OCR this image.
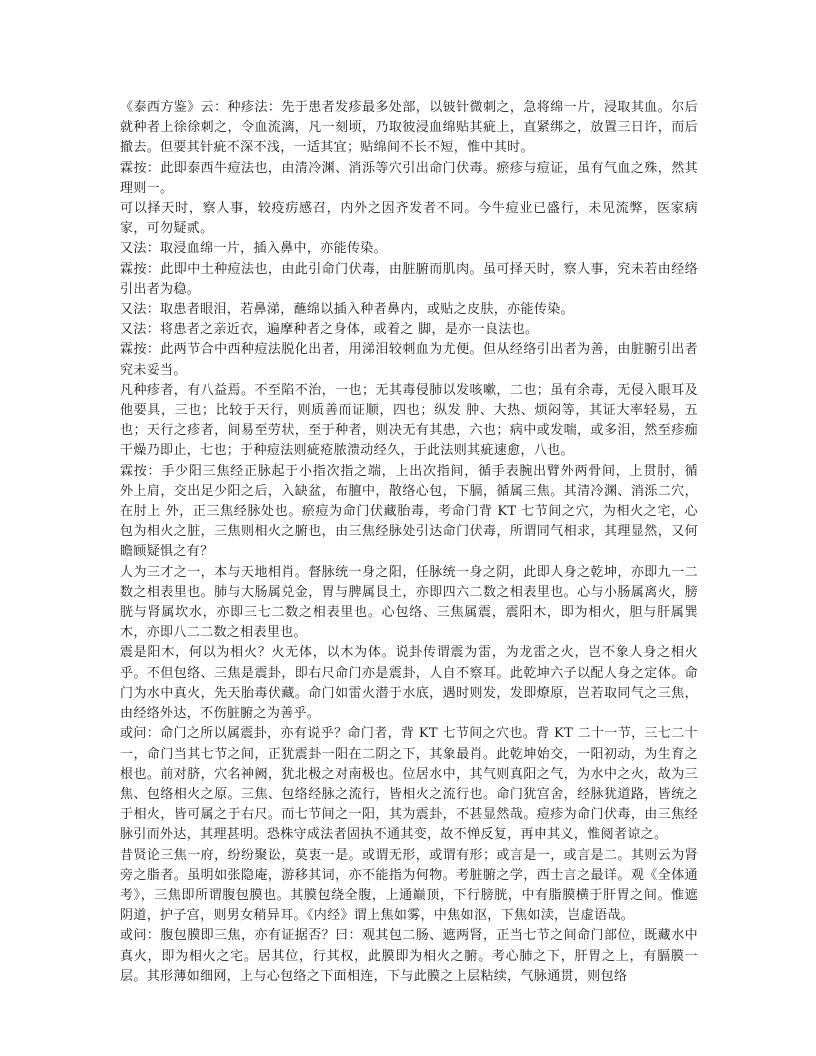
《泰西方鉴》云：种疹法：先于患者发疹最多处部，以铍针微刺之，急将绵一片，浸取其血。尔后就种者上徐徐刺之，令血流漓，凡一刻顷，乃取彼浸血绵贴其疵上，直紧绑之，放置三日许，而后撤去。但要其针疵不深不浅，一适其宜；贴绵间不长不短，惟中其时。

霖按：此即泰西牛痘法也，由清冷渊、消泺等穴引出命门伏毒。瘀疹与痘证，虽有气血之殊，然其理则一。

可以择天时，察人事，较疫疠感召，内外之因齐发者不同。今牛痘业已盛行，未见流弊，医家病家，可勿疑贰。

又法：取浸血绵一片，插入鼻中，亦能传染。

霖按：此即中土种痘法也，由此引命门伏毒，由脏腑而肌肉。虽可择天时，察人事，究未若由经络引出者为稳。

又法：取患者眼泪，若鼻涕，蘸绵以插入种者鼻内，或贴之皮肤，亦能传染。

又法：将患者之亲近衣，遍摩种者之身体，或着之 脚，是亦一良法也。

霖按：此两节合中西种痘法脱化出者，用涕泪较刺血为尤便。但从经络引出者为善，由脏腑引出者究未妥当。

凡种疹者，有八益焉。不至陷不治，一也；无其毒侵肺以发咳嗽，二也；虽有余毒，无侵入眼耳及他要具，三也；比较于天行，则质善而证顺，四也；纵发 肿、大热、烦闷等，其证大率轻易，五也；天行之疹者，间易至劳状，至于种者，则决无有其患，六也；病中或发喘，或多泪，然至疹痂干燥乃即止，七也；于种痘法则疵疮脓溃动经久，于此法则其疵速愈，八也。

霖按：手少阳三焦经正脉起于小指次指之端，上出次指间，循手表腕出臂外两骨间，上贯肘，循 外上肩，交出足少阳之后，入缺盆，布膻中，散络心包，下膈，循属三焦。其清冷渊、消泺二穴，在肘上 外，正三焦经脉处也。瘀痘为命门伏藏胎毒，考命门背 KT 七节间之穴，为相火之宅，心包为相火之脏，三焦则相火之腑也，由三焦经脉处引达命门伏毒，所谓同气相求，其理显然，又何瞻顾疑惧之有？

人为三才之一，本与天地相肖。督脉统一身之阳，任脉统一身之阴，此即人身之乾坤，亦即九一二数之相表里也。肺与大肠属兑金，胃与脾属艮土，亦即四六二数之相表里也。心与小肠属离火，膀胱与肾属坎水，亦即三七二数之相表里也。心包络、三焦属震，震阳木，即为相火，胆与肝属巽木，亦即八二二数之相表里也。

震是阳木，何以为相火？火无体，以木为体。说卦传谓震为雷，为龙雷之火，岂不象人身之相火乎。不但包络、三焦是震卦，即右尺命门亦是震卦，人自不察耳。此乾坤六子以配人身之定体。命门为水中真火，先天胎毒伏藏。命门如雷火潜于水底，遇时则发，发即燎原，岂若取同气之三焦，由经络外达，不伤脏腑之为善乎。

或问：命门之所以属震卦，亦有说乎？命门者，背 KT 七节间之穴也。背 KT 二十一节，三七二十一，命门当其七节之间，正犹震卦一阳在二阴之下，其象最肖。此乾坤始交，一阳初动，为生育之根也。前对脐，穴名神阙，犹北极之对南极也。位居水中，其气则真阳之气，为水中之火，故为三焦、包络相火之原。三焦、包络经脉之流行，皆相火之流行也。命门犹宫舍，经脉犹道路，皆统之于相火，皆可属之于右尺。而七节间之一阳，其为震卦，不甚显然哉。痘疹为命门伏毒，由三焦经脉引而外达，其理甚明。恐株守成法者固执不通其变，故不惮反复，再申其义，惟阅者谅之。

昔贤论三焦一府，纷纷聚讼，莫衷一是。或谓无形，或谓有形；或言是一，或言是二。其则云为肾旁之脂者。虽明如张隐庵，游移其词，亦不能指为何物。考脏腑之学，西士言之最详。观《全体通考》，三焦即所谓腹包膜也。其膜包绕全腹，上通巅顶，下行膀胱，中有脂膜横于肝胃之间。惟遮阴道，护子宫，则男女稍异耳。《内经》谓上焦如雾，中焦如沤，下焦如渎，岂虚语哉。

或问：腹包膜即三焦，亦有证据否？曰：观其包二肠、遮两肾，正当七节之间命门部位，既藏水中真火，即为相火之宅。居其位，行其权，此膜即为相火之腑。考心肺之下，肝胃之上，有膈膜一层。其形薄如细网，上与心包络之下面相连，下与此膜之上层粘续，气脉通贯，则包络
